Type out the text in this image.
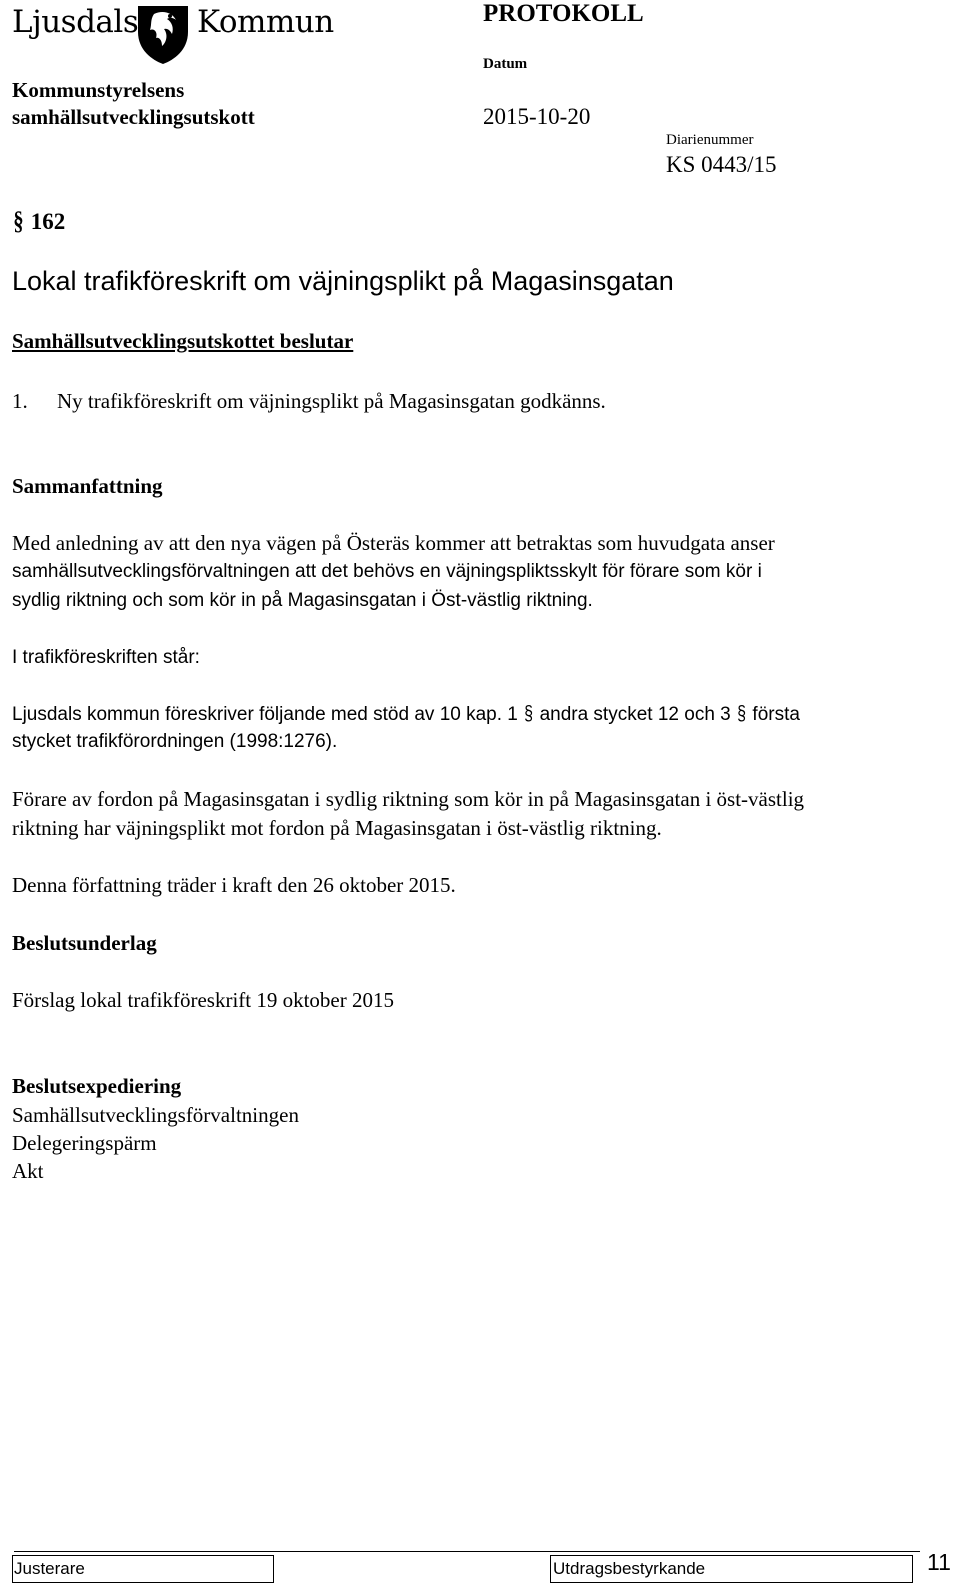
Ljusdals Kommun	PROTOKOLL
Kommunstyrelsens
samhällsutvecklingsutskott
Datum
2015-10-20
Diarienummer
KS 0443/15
§ 162
Lokal trafikföreskrift om väjningsplikt på Magasinsgatan
Samhällsutvecklingsutskottet beslutar
1. Ny trafikföreskrift om väjningsplikt på Magasinsgatan godkänns.
Sammanfattning
Med anledning av att den nya vägen på Österäs kommer att betraktas som huvudgata anser
samhällsutvecklingsförvaltningen att det behövs en väjningspliktsskylt för förare som kör i
sydlig riktning och som kör in på Magasinsgatan i Öst-västlig riktning.
I trafikföreskriften står:
Ljusdals kommun föreskriver följande med stöd av 10 kap. 1 § andra stycket 12 och 3 § första
stycket trafikförordningen (1998:1276).
Förare av fordon på Magasinsgatan i sydlig riktning som kör in på Magasinsgatan i öst-västlig
riktning har väjningsplikt mot fordon på Magasinsgatan i öst-västlig riktning.
Denna författning träder i kraft den 26 oktober 2015.
Beslutsunderlag
Förslag lokal trafikföreskrift 19 oktober 2015
Beslutsexpediering
Samhällsutvecklingsförvaltningen
Delegeringspärm
Akt
Justerare	Utdragsbestyrkande	11
